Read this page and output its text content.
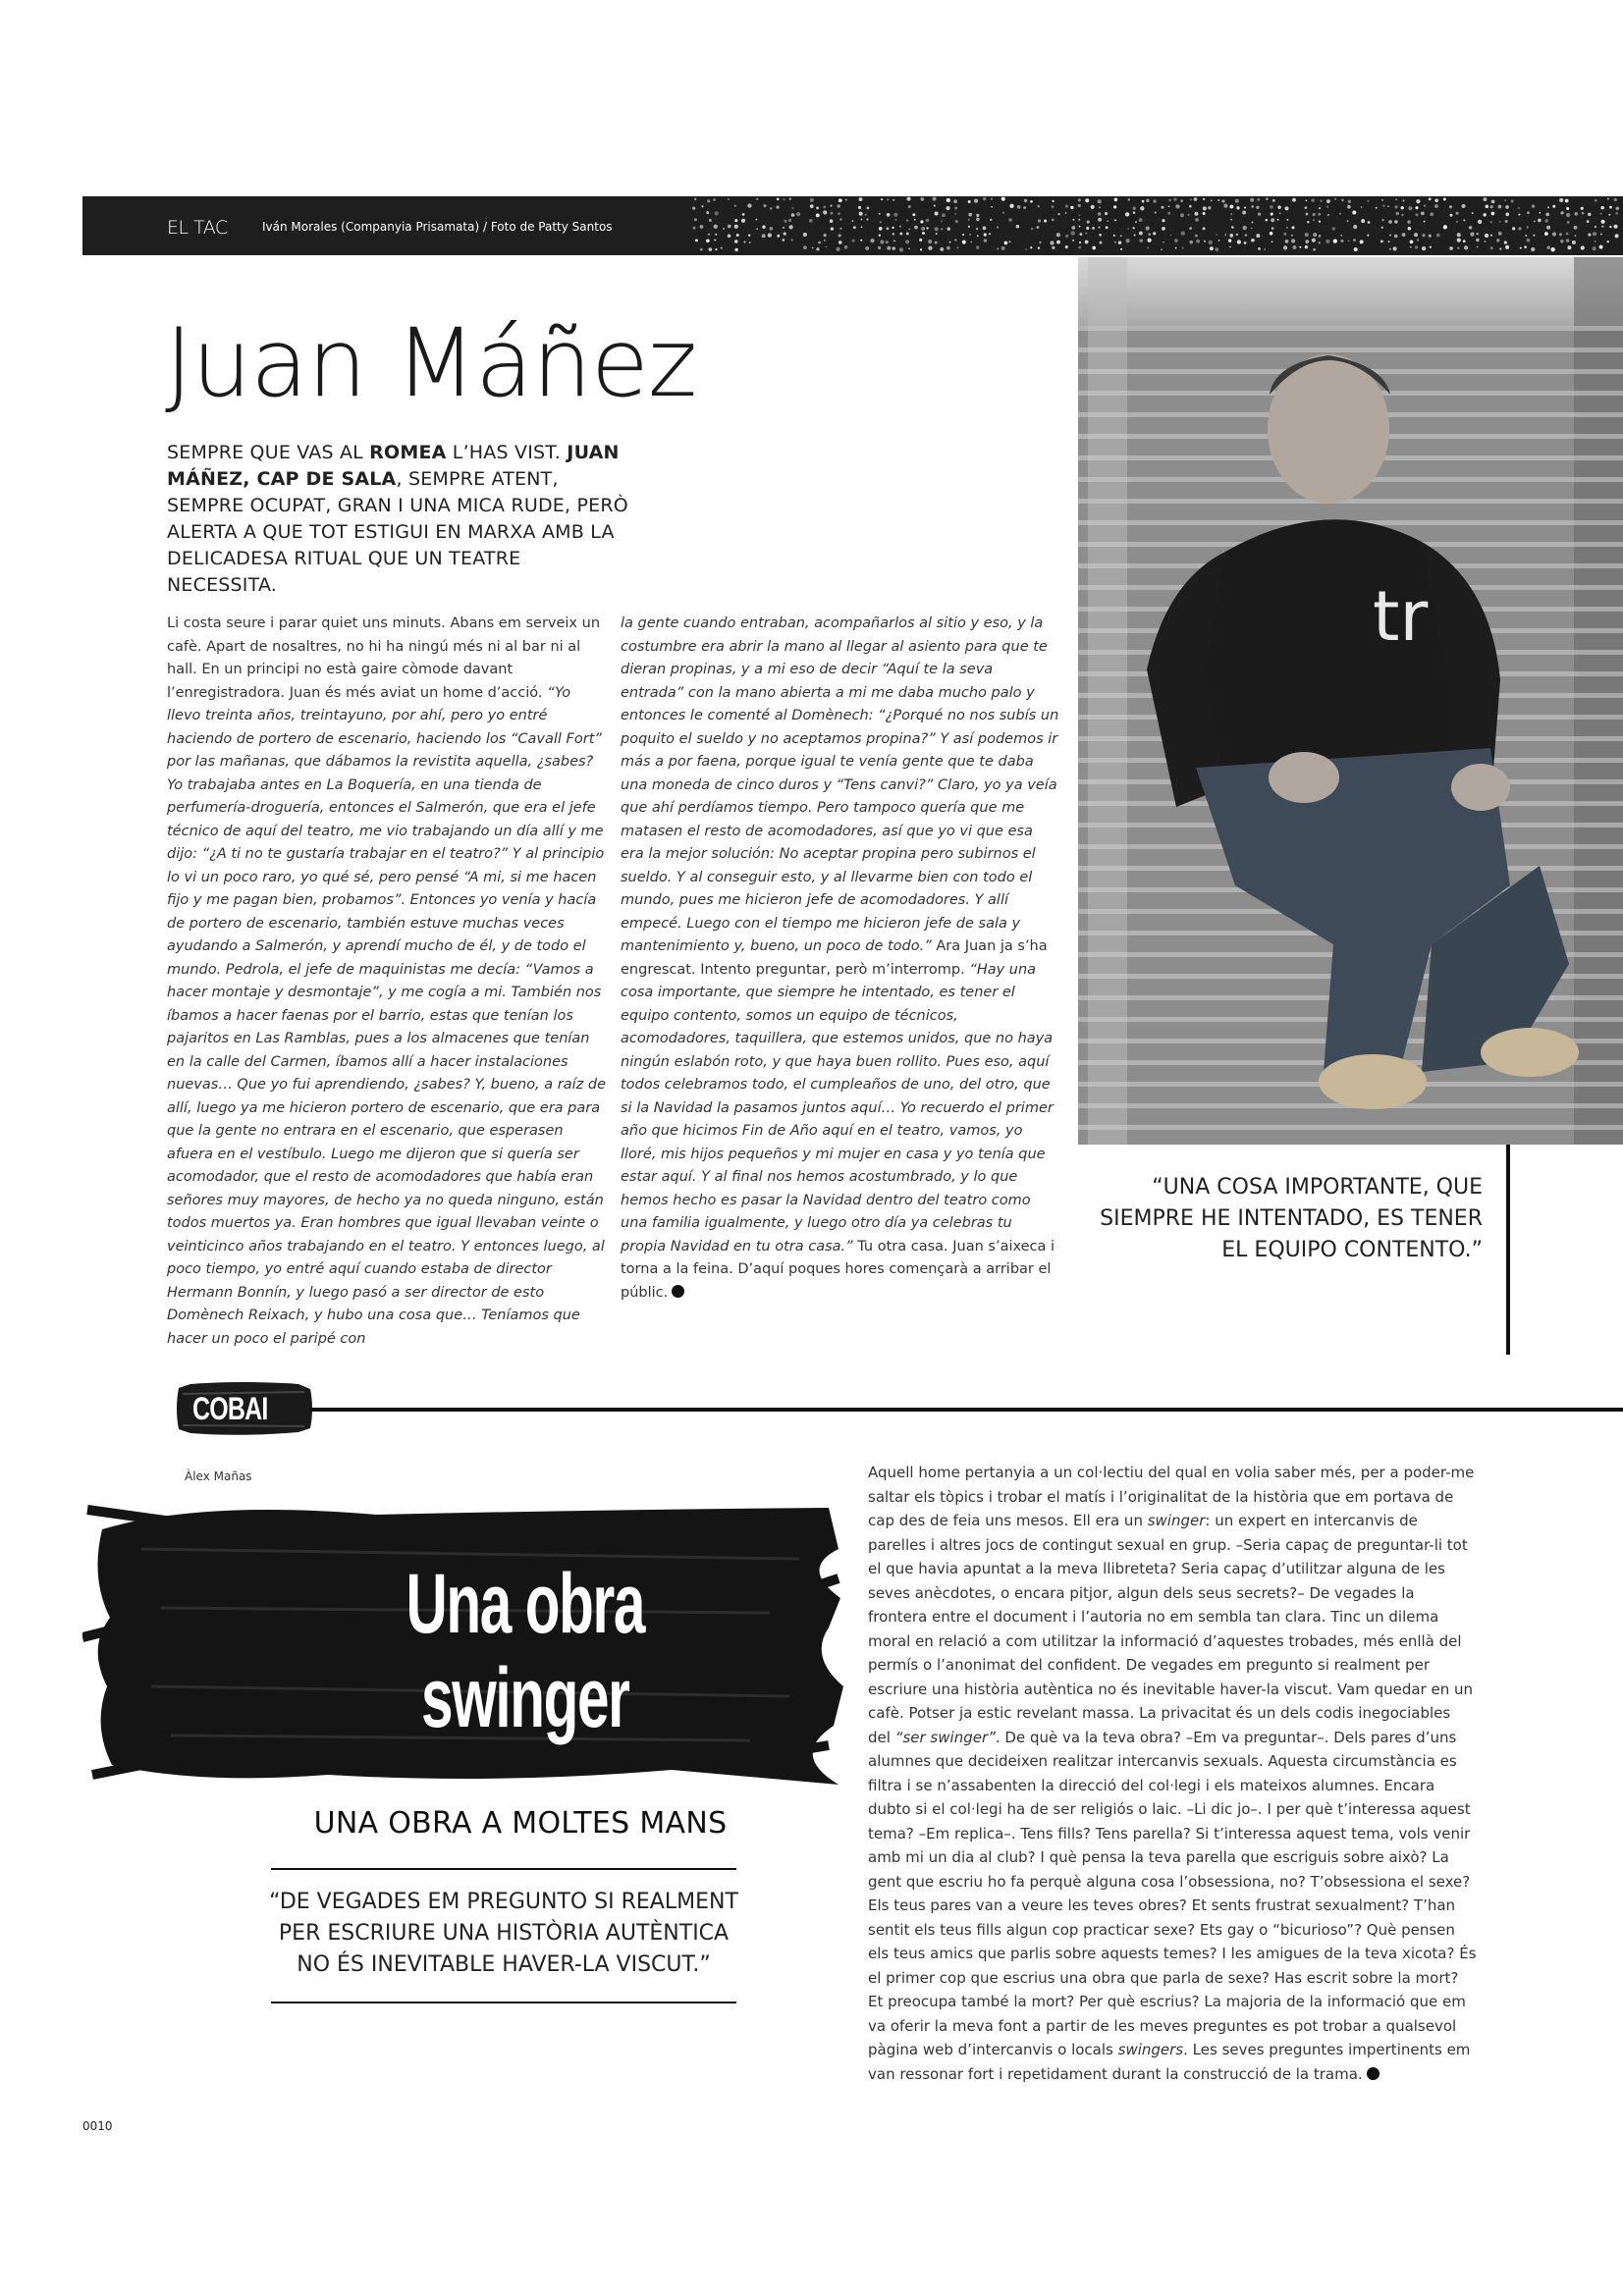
EL TAC	Iván Morales (Companyia Prisamata) / Foto de Patty Santos
Juan Máñez
SEMPRE QUE VAS AL ROMEA L’HAS VIST. JUAN MÁÑEZ, CAP DE SALA, SEMPRE ATENT, SEMPRE OCUPAT, GRAN I UNA MICA RUDE, PERÒ ALERTA A QUE TOT ESTIGUI EN MARXA AMB LA DELICADESA RITUAL QUE UN TEATRE NECESSITA.

Li costa seure i parar quiet uns minuts. Abans em serveix un cafè. Apart de nosaltres, no hi ha ningú més ni al bar ni al hall. En un principi no està gaire còmode davant l’enregistradora. Juan és més aviat un home d’acció. “Yo llevo treinta años, treintayuno, por ahí, pero yo entré haciendo de portero de escenario, haciendo los “Cavall Fort” por las mañanas, que dábamos la revistita aquella, ¿sabes? Yo trabajaba antes en La Boquería, en una tienda de perfumería-droguería, entonces el Salmerón, que era el jefe técnico de aquí del teatro, me vio trabajando un día allí y me dijo: “¿A ti no te gustaría trabajar en el teatro?” Y al principio lo vi un poco raro, yo qué sé, pero pensé “A mi, si me hacen fijo y me pagan bien, probamos”. Entonces yo venía y hacía de portero de escenario, también estuve muchas veces ayudando a Salmerón, y aprendí mucho de él, y de todo el mundo. Pedrola, el jefe de maquinistas me decía: “Vamos a hacer montaje y desmontaje”, y me cogía a mi. También nos íbamos a hacer faenas por el barrio, estas que tenían los pajaritos en Las Ramblas, pues a los almacenes que tenían en la calle del Carmen, íbamos allí a hacer instalaciones nuevas… Que yo fui aprendiendo, ¿sabes? Y, bueno, a raíz de allí, luego ya me hicieron portero de escenario, que era para que la gente no entrara en el escenario, que esperasen afuera en el vestíbulo. Luego me dijeron que si quería ser acomodador, que el resto de acomodadores que había eran señores muy mayores, de hecho ya no queda ninguno, están todos muertos ya. Eran hombres que igual llevaban veinte o veinticinco años trabajando en el teatro. Y entonces luego, al poco tiempo, yo entré aquí cuando estaba de director Hermann Bonnín, y luego pasó a ser director de esto Domènech Reixach, y hubo una cosa que… Teníamos que hacer un poco el paripé con

la gente cuando entraban, acompañarlos al sitio y eso, y la costumbre era abrir la mano al llegar al asiento para que te dieran propinas, y a mi eso de decir “Aquí te la seva entrada” con la mano abierta a mi me daba mucho palo y entonces le comenté al Domènech: “¿Porqué no nos subís un poquito el sueldo y no aceptamos propina?” Y así podemos ir más a por faena, porque igual te venía gente que te daba una moneda de cinco duros y “Tens canvi?” Claro, yo ya veía que ahí perdíamos tiempo. Pero tampoco quería que me matasen el resto de acomodadores, así que yo vi que esa era la mejor solución: No aceptar propina pero subirnos el sueldo. Y al conseguir esto, y al llevarme bien con todo el mundo, pues me hicieron jefe de acomodadores. Y allí empecé. Luego con el tiempo me hicieron jefe de sala y mantenimiento y, bueno, un poco de todo.” Ara Juan ja s’ha engrescat. Intento preguntar, però m’interromp. “Hay una cosa importante, que siempre he intentado, es tener el equipo contento, somos un equipo de técnicos, acomodadores, taquillera, que estemos unidos, que no haya ningún eslabón roto, y que haya buen rollito. Pues eso, aquí todos celebramos todo, el cumpleaños de uno, del otro, que si la Navidad la pasamos juntos aquí… Yo recuerdo el primer año que hicimos Fin de Año aquí en el teatro, vamos, yo lloré, mis hijos pequeños y mi mujer en casa y yo tenía que estar aquí. Y al final nos hemos acostumbrado, y lo que hemos hecho es pasar la Navidad dentro del teatro como una familia igualmente, y luego otro día ya celebras tu propia Navidad en tu otra casa.” Tu otra casa. Juan s’aixeca i torna a la feina. D’aquí poques hores començarà a arribar el públic.

tr
“UNA COSA IMPORTANTE, QUE SIEMPRE HE INTENTADO, ES TENER EL EQUIPO CONTENTO.”
COBAI
Àlex Mañas
Una obra
swinger
UNA OBRA A MOLTES MANS
“DE VEGADES EM PREGUNTO SI REALMENT PER ESCRIURE UNA HISTÒRIA AUTÈNTICA NO ÉS INEVITABLE HAVER-LA VISCUT.”

Aquell home pertanyia a un col·lectiu del qual en volia saber més, per a poder-me saltar els tòpics i trobar el matís i l’originalitat de la història que em portava de cap des de feia uns mesos. Ell era un swinger: un expert en intercanvis de parelles i altres jocs de contingut sexual en grup. –Seria capaç de preguntar-li tot el que havia apuntat a la meva llibreteta? Seria capaç d’utilitzar alguna de les seves anècdotes, o encara pitjor, algun dels seus secrets?– De vegades la frontera entre el document i l’autoria no em sembla tan clara. Tinc un dilema moral en relació a com utilitzar la informació d’aquestes trobades, més enllà del permís o l’anonimat del confident. De vegades em pregunto si realment per escriure una història autèntica no és inevitable haver-la viscut. Vam quedar en un cafè. Potser ja estic revelant massa. La privacitat és un dels codis inegociables del “ser swinger”. De què va la teva obra? –Em va preguntar–. Dels pares d’uns alumnes que decideixen realitzar intercanvis sexuals. Aquesta circumstància es filtra i se n’assabenten la direcció del col·legi i els mateixos alumnes. Encara dubto si el col·legi ha de ser religiós o laic. –Li dic jo–. I per què t’interessa aquest tema? –Em replica–. Tens fills? Tens parella? Si t’interessa aquest tema, vols venir amb mi un dia al club? I què pensa la teva parella que escriguis sobre això? La gent que escriu ho fa perquè alguna cosa l’obsessiona, no? T’obsessiona el sexe? Els teus pares van a veure les teves obres? Et sents frustrat sexualment? T’han sentit els teus fills algun cop practicar sexe? Ets gay o “bicurioso”? Què pensen els teus amics que parlis sobre aquests temes? I les amigues de la teva xicota? És el primer cop que escrius una obra que parla de sexe? Has escrit sobre la mort? Et preocupa també la mort? Per què escrius? La majoria de la informació que em va oferir la meva font a partir de les meves preguntes es pot trobar a qualsevol pàgina web d’intercanvis o locals swingers. Les seves preguntes impertinents em van ressonar fort i repetidament durant la construcció de la trama.

0010
